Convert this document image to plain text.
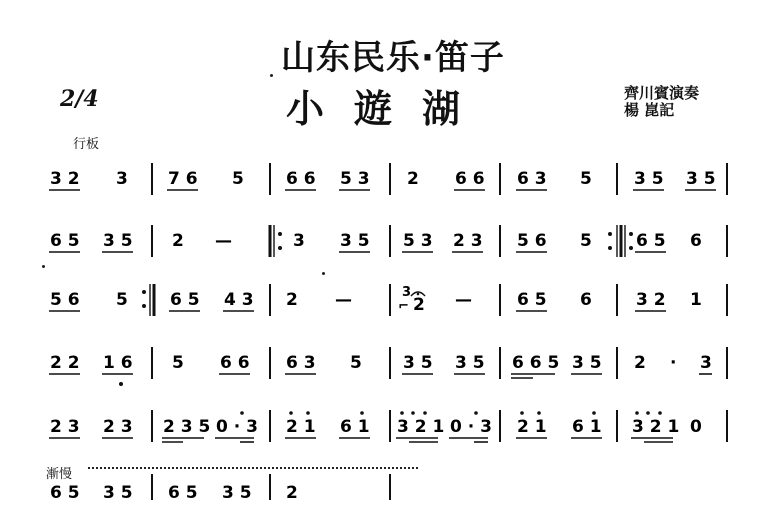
山东民乐·笛子
小遊湖	齊川賓演奏
楊 崑記
2/4
行板
漸慢
3 2 3 7 6 5 6 6 5 3 2 6 6 6 3 5 3 5 3 5
6 5 3 5 2 —	3 3 5 5 3 2 3 5 6 5	6 5 6
5 6 5 6 5 4 3 2 —	3
⌐ 2 —	6 5 6	3 2 1
2 2 1 6 5 6 6 6 3 5 3 5 3 5 6 6 5 3 5 2 · 3
2 3 2 3 2 3 5 0 · 3 2 1 6 1 3 2 1 0 · 3 2 1 6 1 3 2 1 0
6 5 3 5 6 5 3 5 2
